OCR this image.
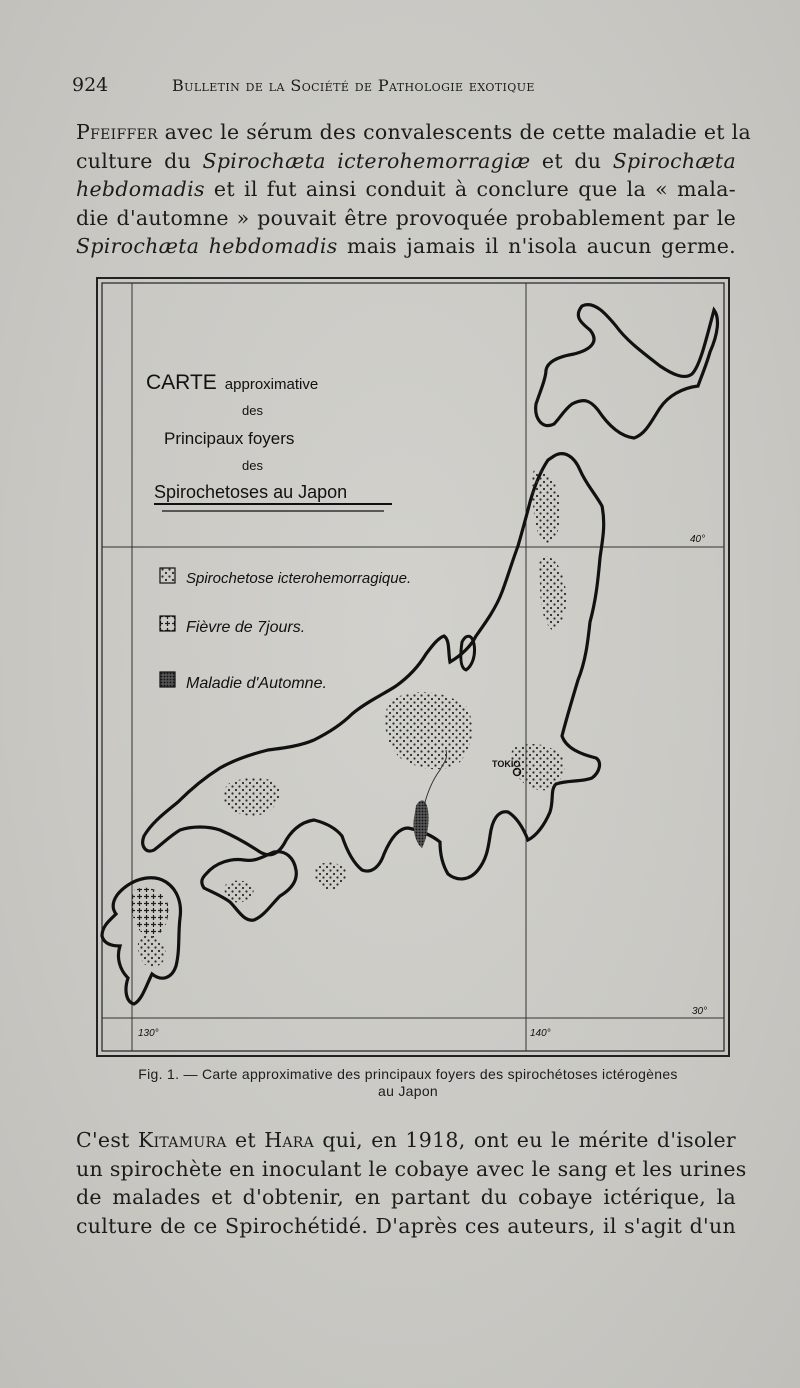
924	Bulletin de la Société de Pathologie exotique
Pfeiffer avec le sérum des convalescents de cette maladie et la
culture du Spirochæta icterohemorragiæ et du Spirochæta
hebdomadis et il fut ainsi conduit à conclure que la « mala-
die d'automne » pouvait être provoquée probablement par le
Spirochæta hebdomadis mais jamais il n'isola aucun germe.
TOKIO
CARTE approximative
des
Principaux foyers
des
Spirochetoses au Japon
Spirochetose icterohemorragique.
Fièvre de 7jours.
Maladie d'Automne.
40°
30°
130°	140°
Fig. 1. — Carte approximative des principaux foyers des spirochétoses ictérogènes
au Japon
C'est Kitamura et Hara qui, en 1918, ont eu le mérite d'isoler
un spirochète en inoculant le cobaye avec le sang et les urines
de malades et d'obtenir, en partant du cobaye ictérique, la
culture de ce Spirochétidé. D'après ces auteurs, il s'agit d'un
